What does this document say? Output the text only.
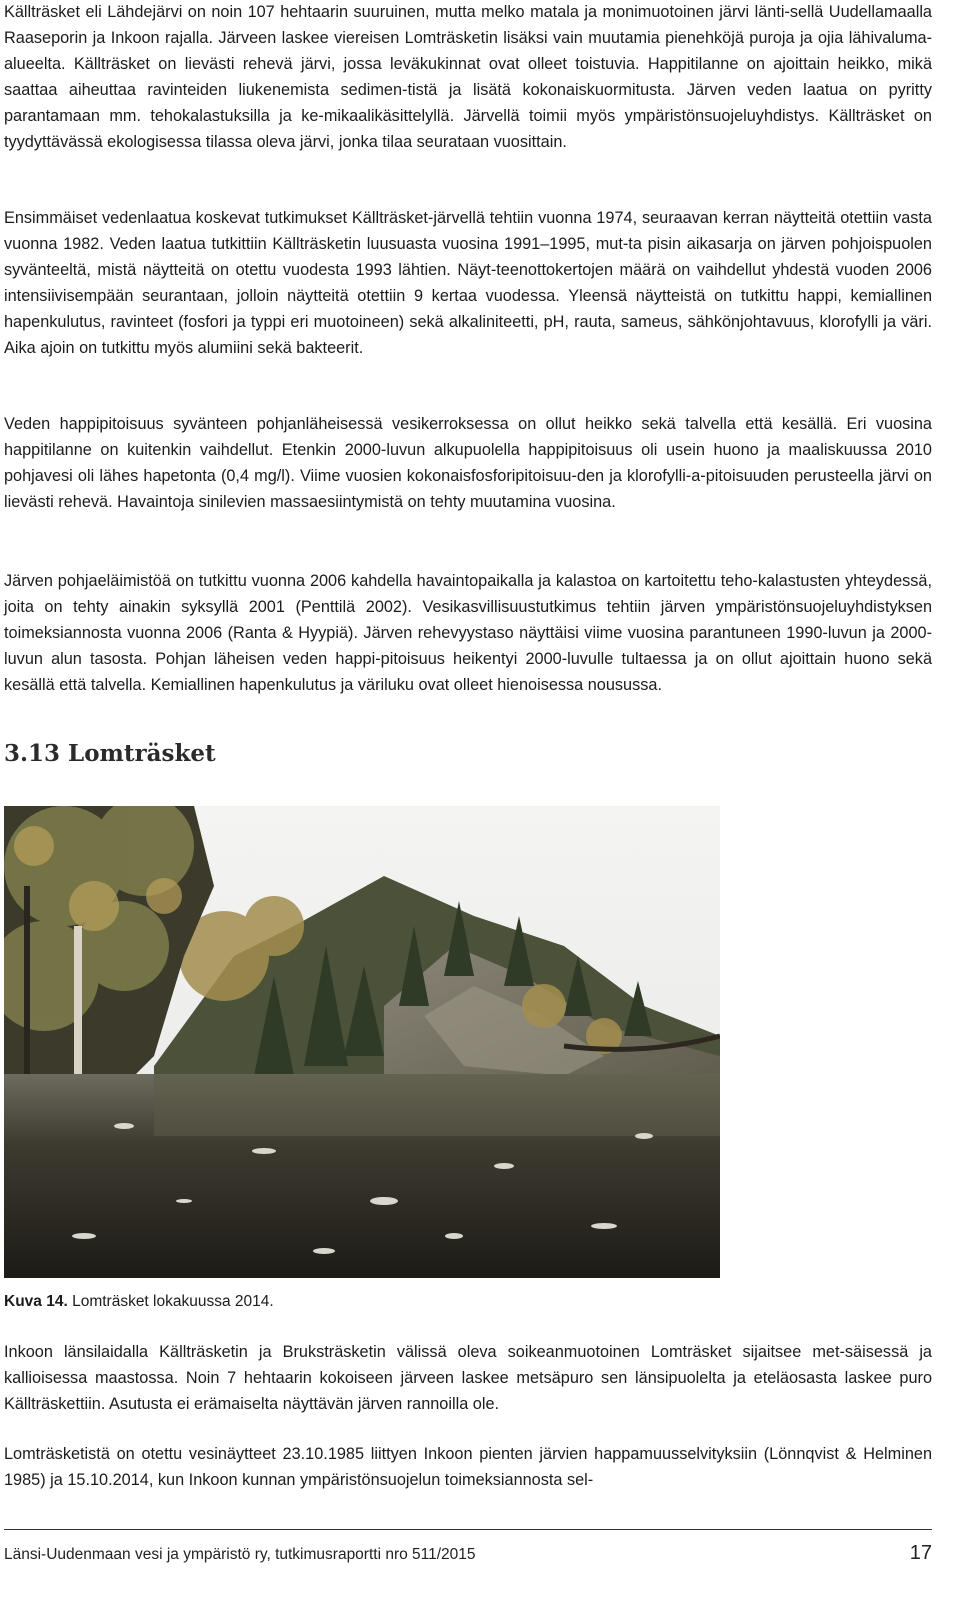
Källträsket eli Lähdejärvi on noin 107 hehtaarin suuruinen, mutta melko matala ja monimuotoinen järvi länti-sellä Uudellamaalla Raaseporin ja Inkoon rajalla. Järveen laskee viereisen Lomträsketin lisäksi vain muutamia pienehköjä puroja ja ojia lähivaluma-alueelta. Källträsket on lievästi rehevä järvi, jossa leväkukinnat ovat olleet toistuvia. Happitilanne on ajoittain heikko, mikä saattaa aiheuttaa ravinteiden liukenemista sedimen-tistä ja lisätä kokonaiskuormitusta. Järven veden laatua on pyritty parantamaan mm. tehokalastuksilla ja ke-mikaalikäsittelyllä. Järvellä toimii myös ympäristönsuojeluyhdistys. Källträsket on tyydyttävässä ekologisessa tilassa oleva järvi, jonka tilaa seurataan vuosittain.

Ensimmäiset vedenlaatua koskevat tutkimukset Källträsket-järvellä tehtiin vuonna 1974, seuraavan kerran näytteitä otettiin vasta vuonna 1982. Veden laatua tutkittiin Källträsketin luusuasta vuosina 1991–1995, mut-ta pisin aikasarja on järven pohjoispuolen syvänteeltä, mistä näytteitä on otettu vuodesta 1993 lähtien. Näyt-teenottokertojen määrä on vaihdellut yhdestä vuoden 2006 intensiivisempään seurantaan, jolloin näytteitä otettiin 9 kertaa vuodessa. Yleensä näytteistä on tutkittu happi, kemiallinen hapenkulutus, ravinteet (fosfori ja typpi eri muotoineen) sekä alkaliniteetti, pH, rauta, sameus, sähkönjohtavuus, klorofylli ja väri. Aika ajoin on tutkittu myös alumiini sekä bakteerit.

Veden happipitoisuus syvänteen pohjanläheisessä vesikerroksessa on ollut heikko sekä talvella että kesällä. Eri vuosina happitilanne on kuitenkin vaihdellut. Etenkin 2000-luvun alkupuolella happipitoisuus oli usein huono ja maaliskuussa 2010 pohjavesi oli lähes hapetonta (0,4 mg/l). Viime vuosien kokonaisfosforipitoisuu-den ja klorofylli-a-pitoisuuden perusteella järvi on lievästi rehevä. Havaintoja sinilevien massaesiintymistä on tehty muutamina vuosina.

Järven pohjaeläimistöä on tutkittu vuonna 2006 kahdella havaintopaikalla ja kalastoa on kartoitettu teho-kalastusten yhteydessä, joita on tehty ainakin syksyllä 2001 (Penttilä 2002). Vesikasvillisuustutkimus tehtiin järven ympäristönsuojeluyhdistyksen toimeksiannosta vuonna 2006 (Ranta & Hyypiä). Järven rehevyystaso näyttäisi viime vuosina parantuneen 1990-luvun ja 2000-luvun alun tasosta. Pohjan läheisen veden happi-pitoisuus heikentyi 2000-luvulle tultaessa ja on ollut ajoittain huono sekä kesällä että talvella. Kemiallinen hapenkulutus ja väriluku ovat olleet hienoisessa nousussa.

3.13 Lomträsket

Kuva 14. Lomträsket lokakuussa 2014.

Inkoon länsilaidalla Källträsketin ja Bruksträsketin välissä oleva soikeanmuotoinen Lomträsket sijaitsee met-säisessä ja kallioisessa maastossa. Noin 7 hehtaarin kokoiseen järveen laskee metsäpuro sen länsipuolelta ja eteläosasta laskee puro Källträskettiin. Asutusta ei erämaiselta näyttävän järven rannoilla ole.

Lomträsketistä on otettu vesinäytteet 23.10.1985 liittyen Inkoon pienten järvien happamuusselvityksiin (Lönnqvist & Helminen 1985) ja 15.10.2014, kun Inkoon kunnan ympäristönsuojelun toimeksiannosta sel-

Länsi-Uudenmaan vesi ja ympäristö ry, tutkimusraportti nro 511/2015	17
